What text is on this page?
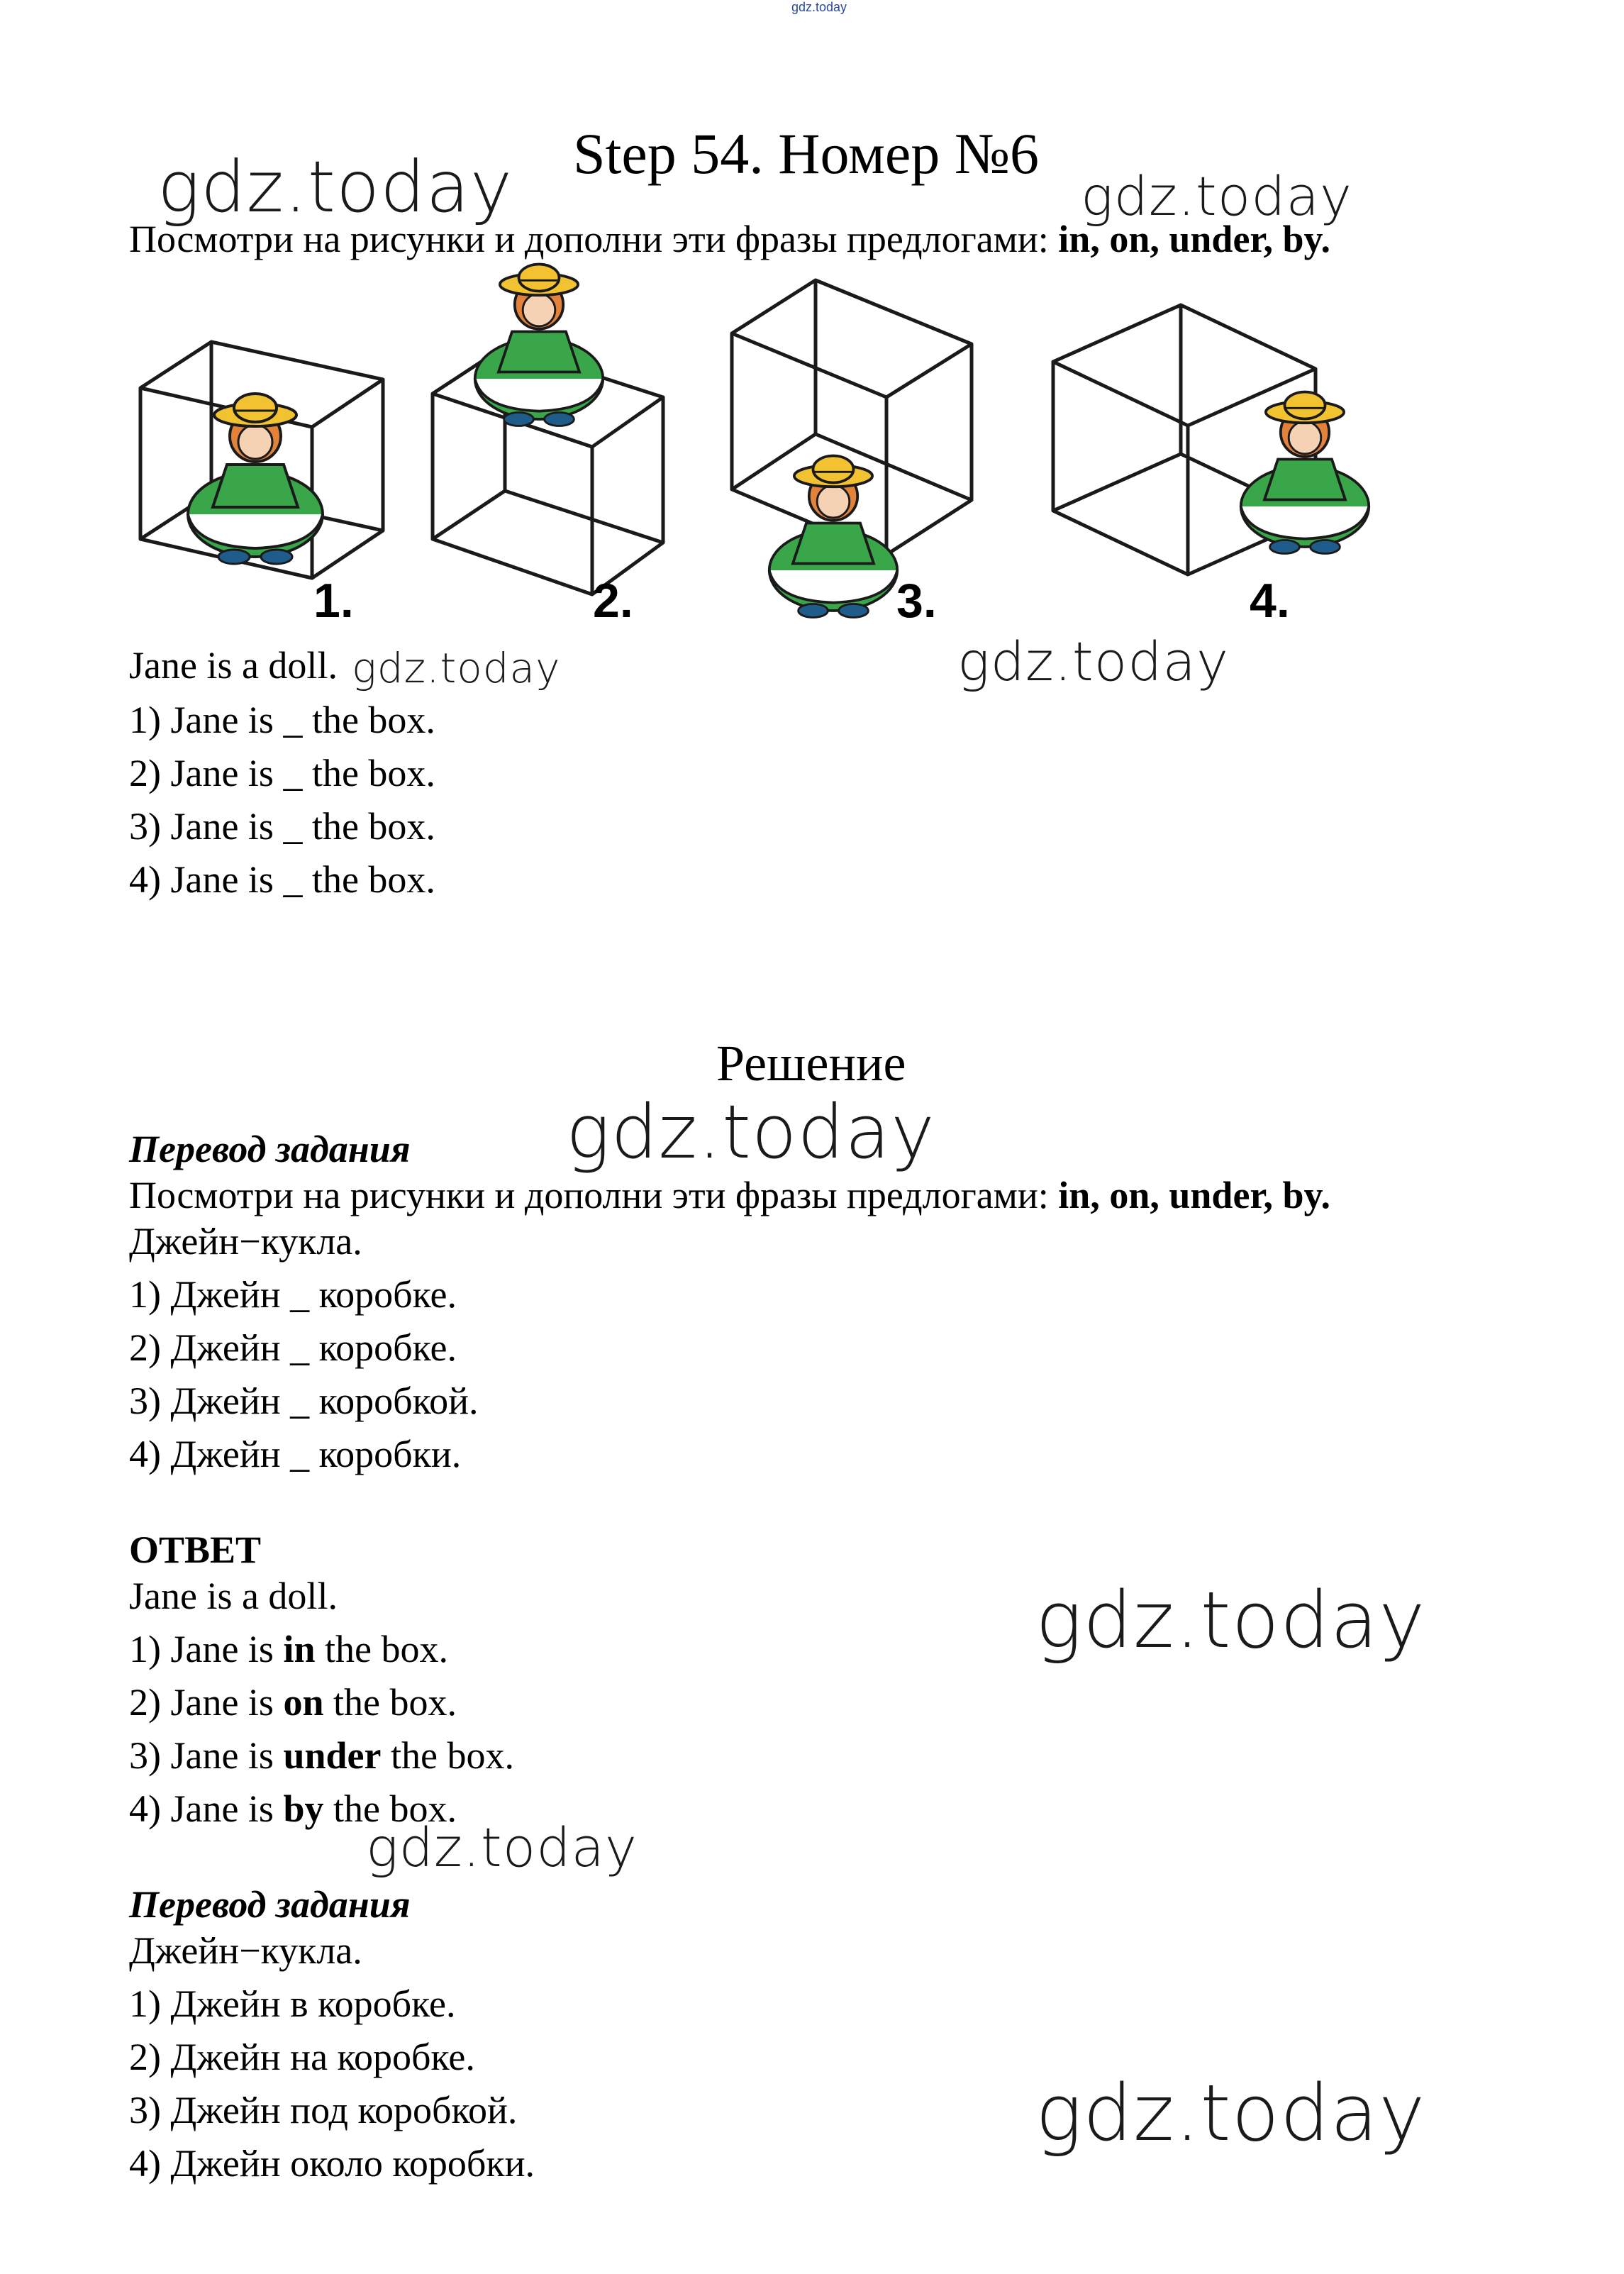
gdz.today
Step 54. Номер №6
gdz.today	gdz.today
Посмотри на рисунки и дополни эти фразы предлогами: in, on, under, by.
1.	2.	3.	4.
Jane is a doll. gdz.today	gdz.today
1) Jane is _ the box.
2) Jane is _ the box.
3) Jane is _ the box.
4) Jane is _ the box.
Решение
gdz.today
Перевод задания
Посмотри на рисунки и дополни эти фразы предлогами: in, on, under, by.
Джейн−кукла.
1) Джейн _ коробке.
2) Джейн _ коробке.
3) Джейн _ коробкой.
4) Джейн _ коробки.
ОТВЕТ
Jane is a doll.	gdz.today
1) Jane is in the box.
2) Jane is on the box.
3) Jane is under the box.
4) Jane is by the box.
gdz.today
Перевод задания
Джейн−кукла.
1) Джейн в коробке.
2) Джейн на коробке.
3) Джейн под коробкой.
4) Джейн около коробки.
gdz.today
